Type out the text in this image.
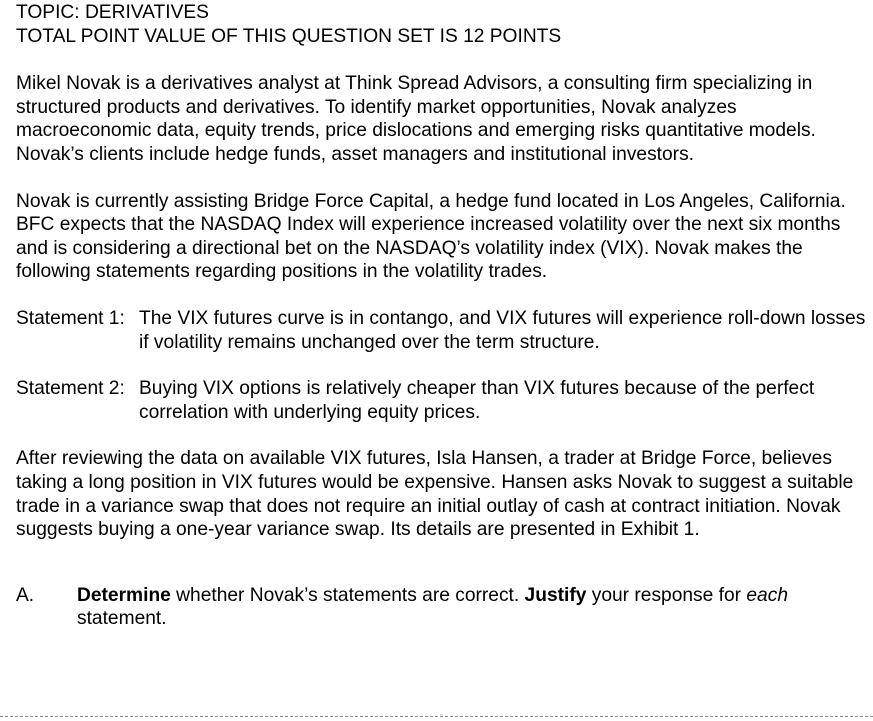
TOPIC: DERIVATIVES

TOTAL POINT VALUE OF THIS QUESTION SET IS 12 POINTS

Mikel Novak is a derivatives analyst at Think Spread Advisors, a consulting firm specializing in structured products and derivatives. To identify market opportunities, Novak analyzes macroeconomic data, equity trends, price dislocations and emerging risks quantitative models. Novak’s clients include hedge funds, asset managers and institutional investors.

Novak is currently assisting Bridge Force Capital, a hedge fund located in Los Angeles, California. BFC expects that the NASDAQ Index will experience increased volatility over the next six months and is considering a directional bet on the NASDAQ’s volatility index (VIX). Novak makes the following statements regarding positions in the volatility trades.

Statement 1: The VIX futures curve is in contango, and VIX futures will experience roll-down losses if volatility remains unchanged over the term structure.
Statement 2: Buying VIX options is relatively cheaper than VIX futures because of the perfect correlation with underlying equity prices.

After reviewing the data on available VIX futures, Isla Hansen, a trader at Bridge Force, believes taking a long position in VIX futures would be expensive. Hansen asks Novak to suggest a suitable trade in a variance swap that does not require an initial outlay of cash at contract initiation. Novak suggests buying a one-year variance swap. Its details are presented in Exhibit 1.

A.	Determine whether Novak’s statements are correct. Justify your response for each statement.
▫
